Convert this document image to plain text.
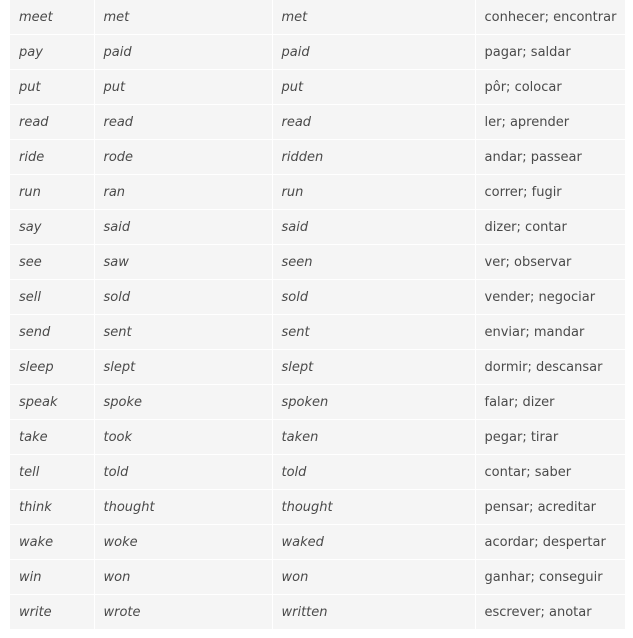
meet	met	met	conhecer; encontrar
pay	paid	paid	pagar; saldar
put	put	put	pôr; colocar
read	read	read	ler; aprender
ride	rode	ridden	andar; passear
run	ran	run	correr; fugir
say	said	said	dizer; contar
see	saw	seen	ver; observar
sell	sold	sold	vender; negociar
send	sent	sent	enviar; mandar
sleep	slept	slept	dormir; descansar
speak	spoke	spoken	falar; dizer
take	took	taken	pegar; tirar
tell	told	told	contar; saber
think	thought	thought	pensar; acreditar
wake	woke	waked	acordar; despertar
win	won	won	ganhar; conseguir
write	wrote	written	escrever; anotar
